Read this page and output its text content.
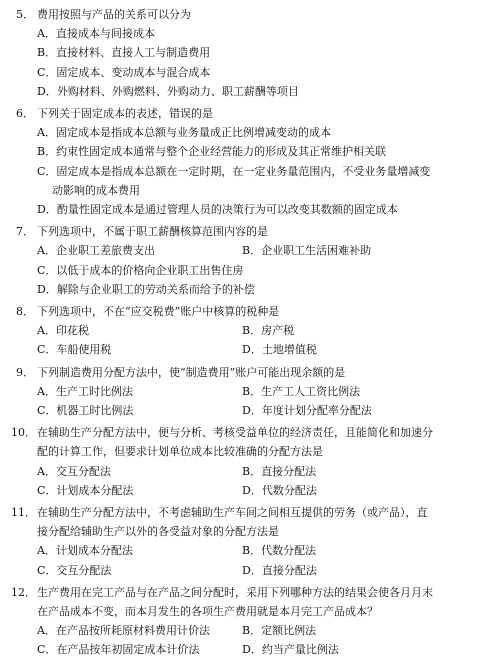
5． 费用按照与产品的关系可以分为
A．直接成本与间接成本
B．直接材料、直接人工与制造费用
C．固定成本、变动成本与混合成本
D．外购材料、外购燃料、外购动力、职工薪酬等项目
6． 下列关于固定成本的表述，错误的是
A．固定成本是指成本总额与业务量成正比例增减变动的成本
B．约束性固定成本通常与整个企业经营能力的形成及其正常维护相关联
C．固定成本是指成本总额在一定时期，在一定业务量范围内，不受业务量增减变
动影响的成本费用
D．酌量性固定成本是通过管理人员的决策行为可以改变其数额的固定成本
7． 下列选项中，不属于职工薪酬核算范围内容的是
A．企业职工差旅费支出	B．企业职工生活困难补助
C．以低于成本的价格向企业职工出售住房
D．解除与企业职工的劳动关系而给予的补偿
8． 下列选项中，不在“应交税费”账户中核算的税种是
A．印花税	B．房产税
C．车船使用税	D．土地增值税
9． 下列制造费用分配方法中，使“制造费用”账户可能出现余额的是
A．生产工时比例法	B．生产工人工资比例法
C．机器工时比例法	D．年度计划分配率分配法
10． 在辅助生产分配方法中，便与分析、考核受益单位的经济责任，且能简化和加速分
配的计算工作，但要求计划单位成本比较准确的分配方法是
A．交互分配法	B．直接分配法
C．计划成本分配法	D．代数分配法
11． 在辅助生产分配方法中，不考虑辅助生产车间之间相互提供的劳务（或产品），直
接分配给辅助生产以外的各受益对象的分配方法是
A．计划成本分配法	B．代数分配法
C．交互分配法	D．直接分配法
12． 生产费用在完工产品与在产品之间分配时，采用下列哪种方法的结果会使各月月末
在产品成本不变，而本月发生的各项生产费用就是本月完工产品成本？
A．在产品按所耗原材料费用计价法	B．定额比例法
C．在产品按年初固定成本计价法	D．约当产量比例法
